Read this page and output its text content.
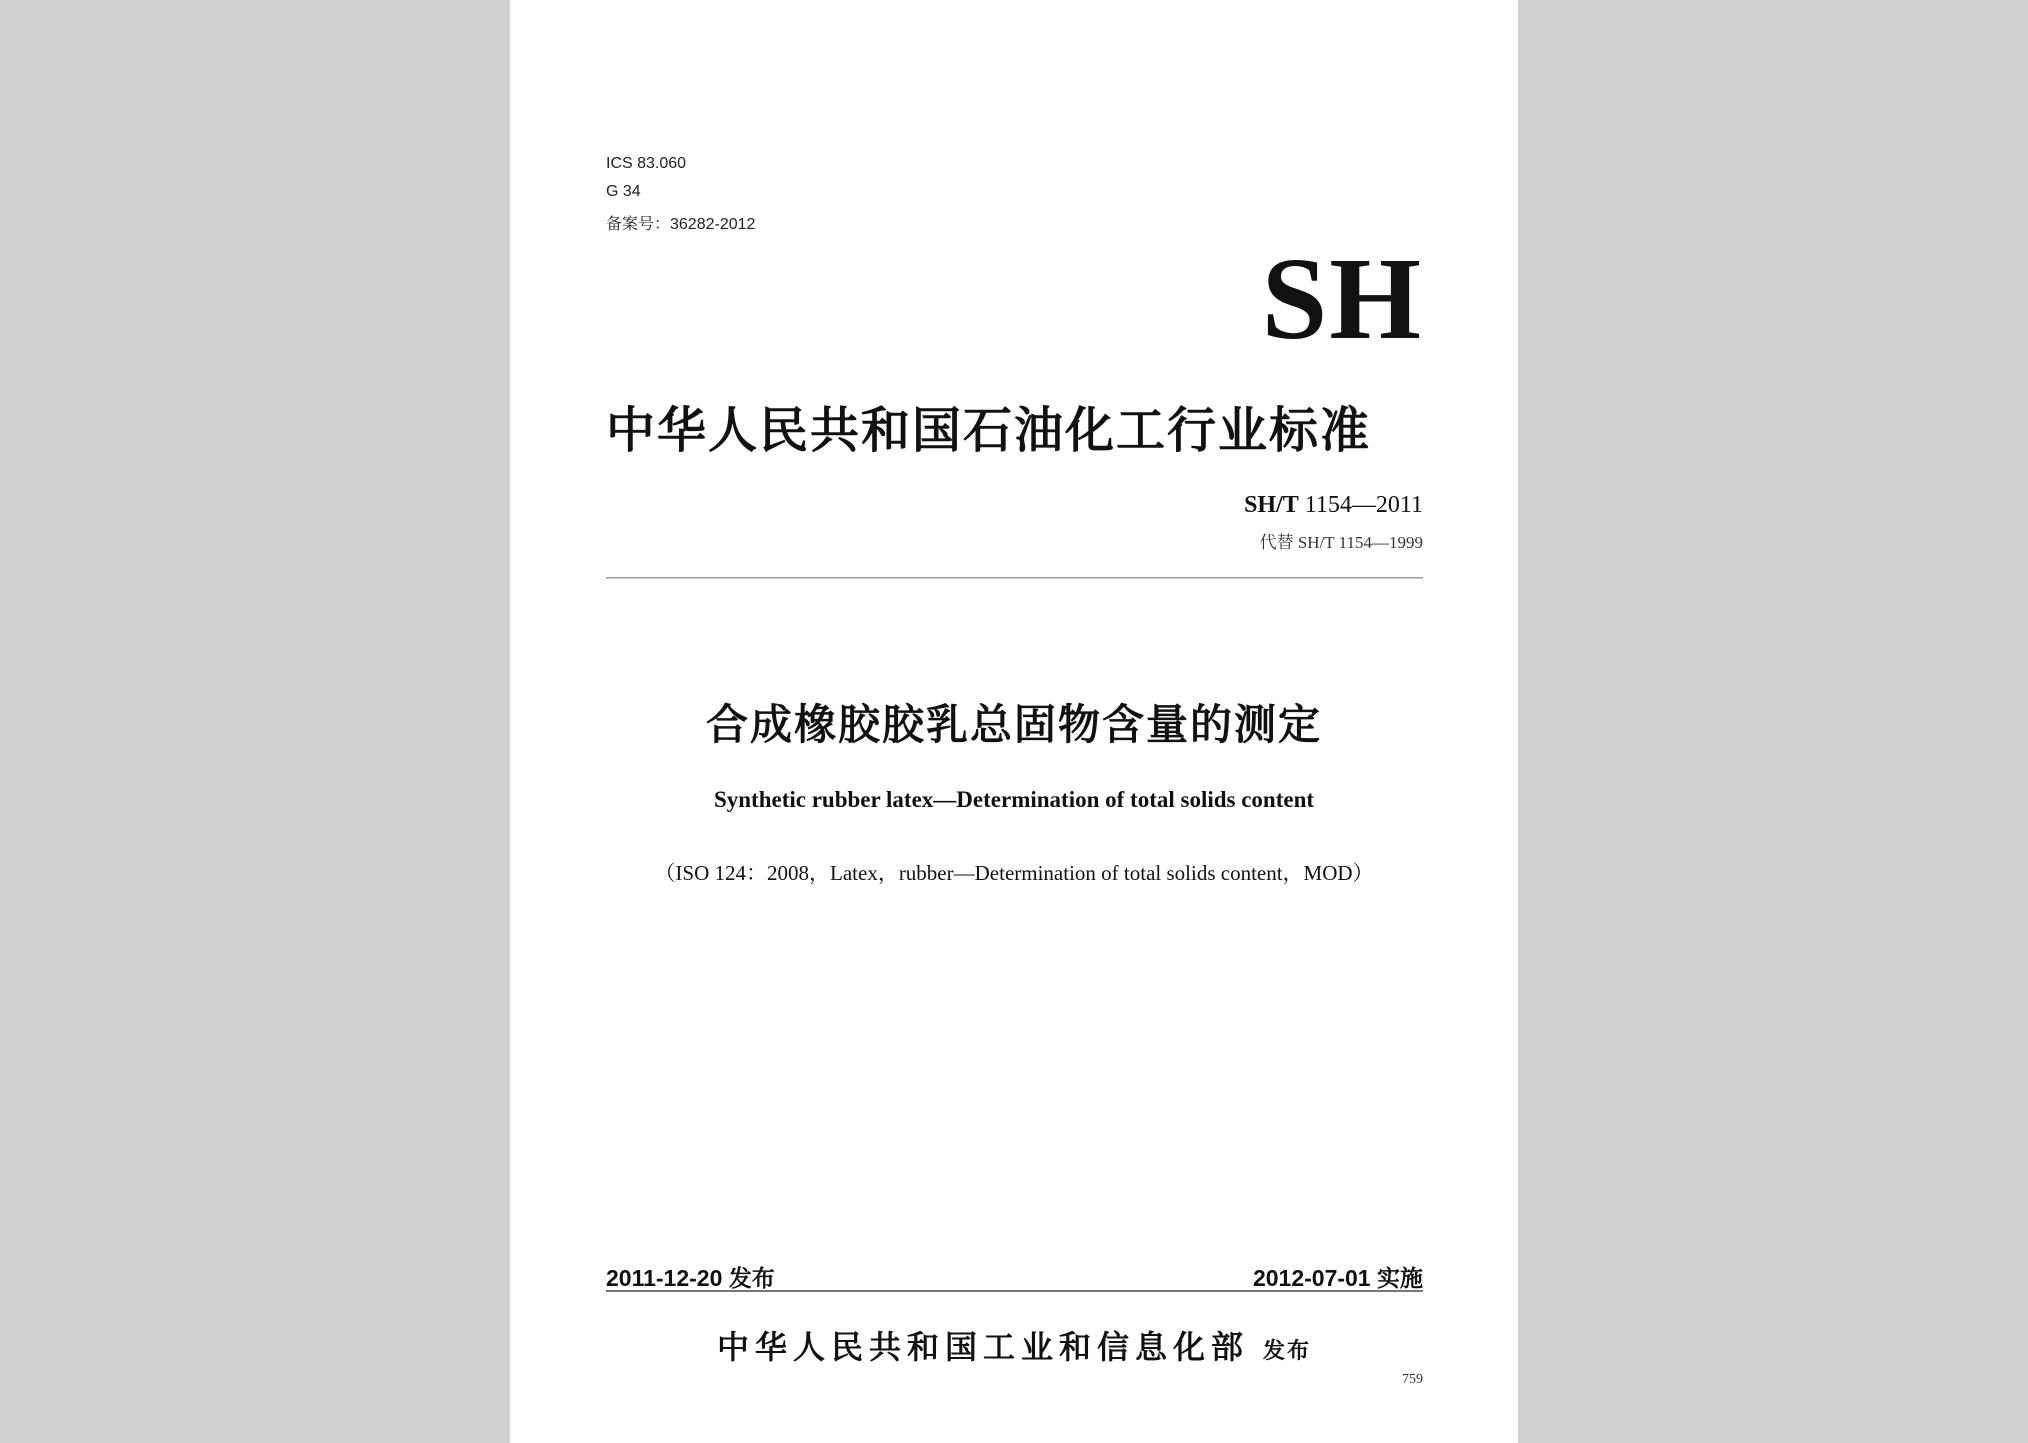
ICS 83.060
G 34
备案号：36282-2012
SH
中华人民共和国石油化工行业标准
SH/T 1154—2011
代替 SH/T 1154—1999
合成橡胶胶乳总固物含量的测定
Synthetic rubber latex—Determination of total solids content
（ISO 124：2008，Latex，rubber—Determination of total solids content，MOD）
2011-12-20 发布	2012-07-01 实施
中华人民共和国工业和信息化部 发布
759
